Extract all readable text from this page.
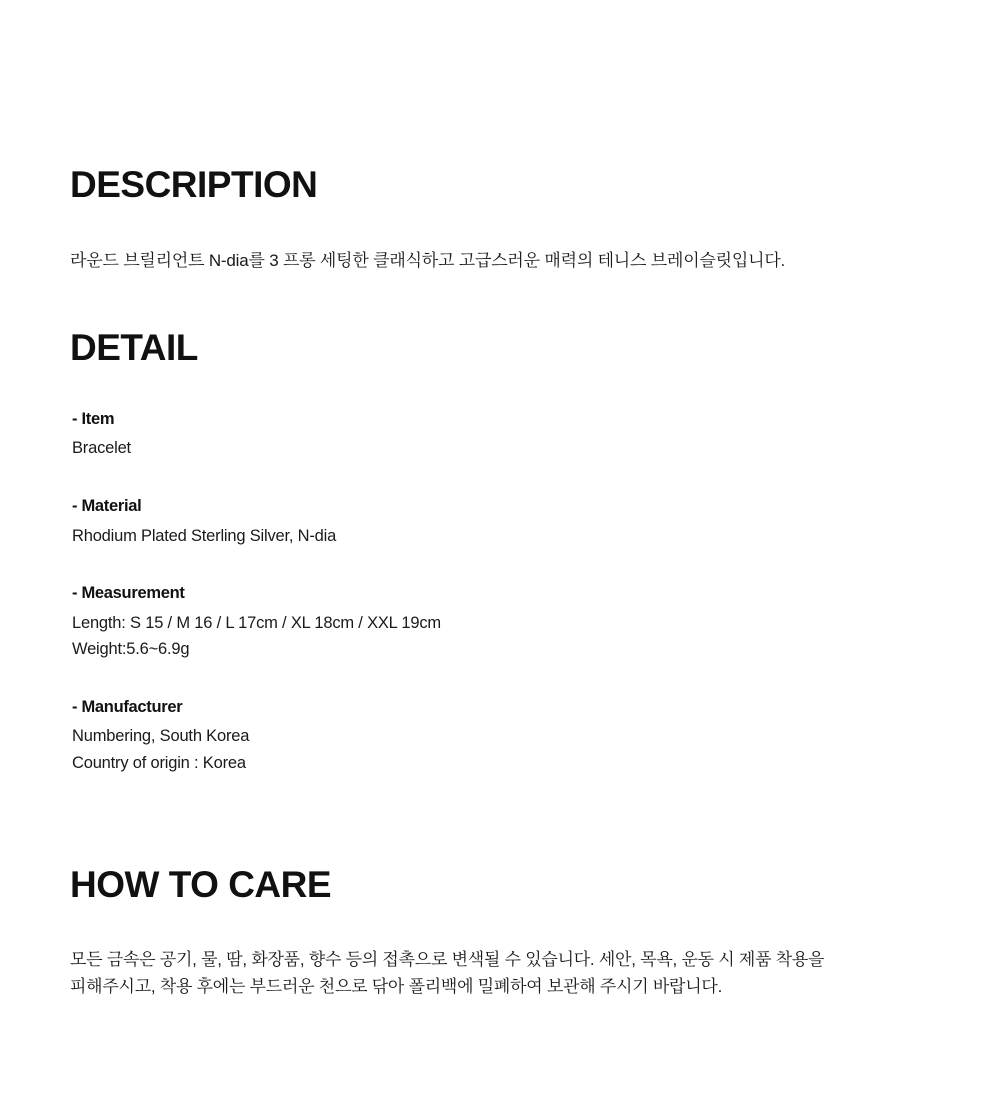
DESCRIPTION

라운드 브릴리언트 N-dia를 3 프롱 세팅한 클래식하고 고급스러운 매력의 테니스 브레이슬릿입니다.

DETAIL

- Item

Bracelet

- Material

Rhodium Plated Sterling Silver, N-dia

- Measurement

Length: S 15 / M 16 / L 17cm / XL 18cm / XXL 19cm

Weight:5.6~6.9g

- Manufacturer

Numbering, South Korea

Country of origin : Korea

HOW TO CARE

모든 금속은 공기, 물, 땀, 화장품, 향수 등의 접촉으로 변색될 수 있습니다. 세안, 목욕, 운동 시 제품 착용을

피해주시고, 착용 후에는 부드러운 천으로 닦아 폴리백에 밀폐하여 보관해 주시기 바랍니다.
